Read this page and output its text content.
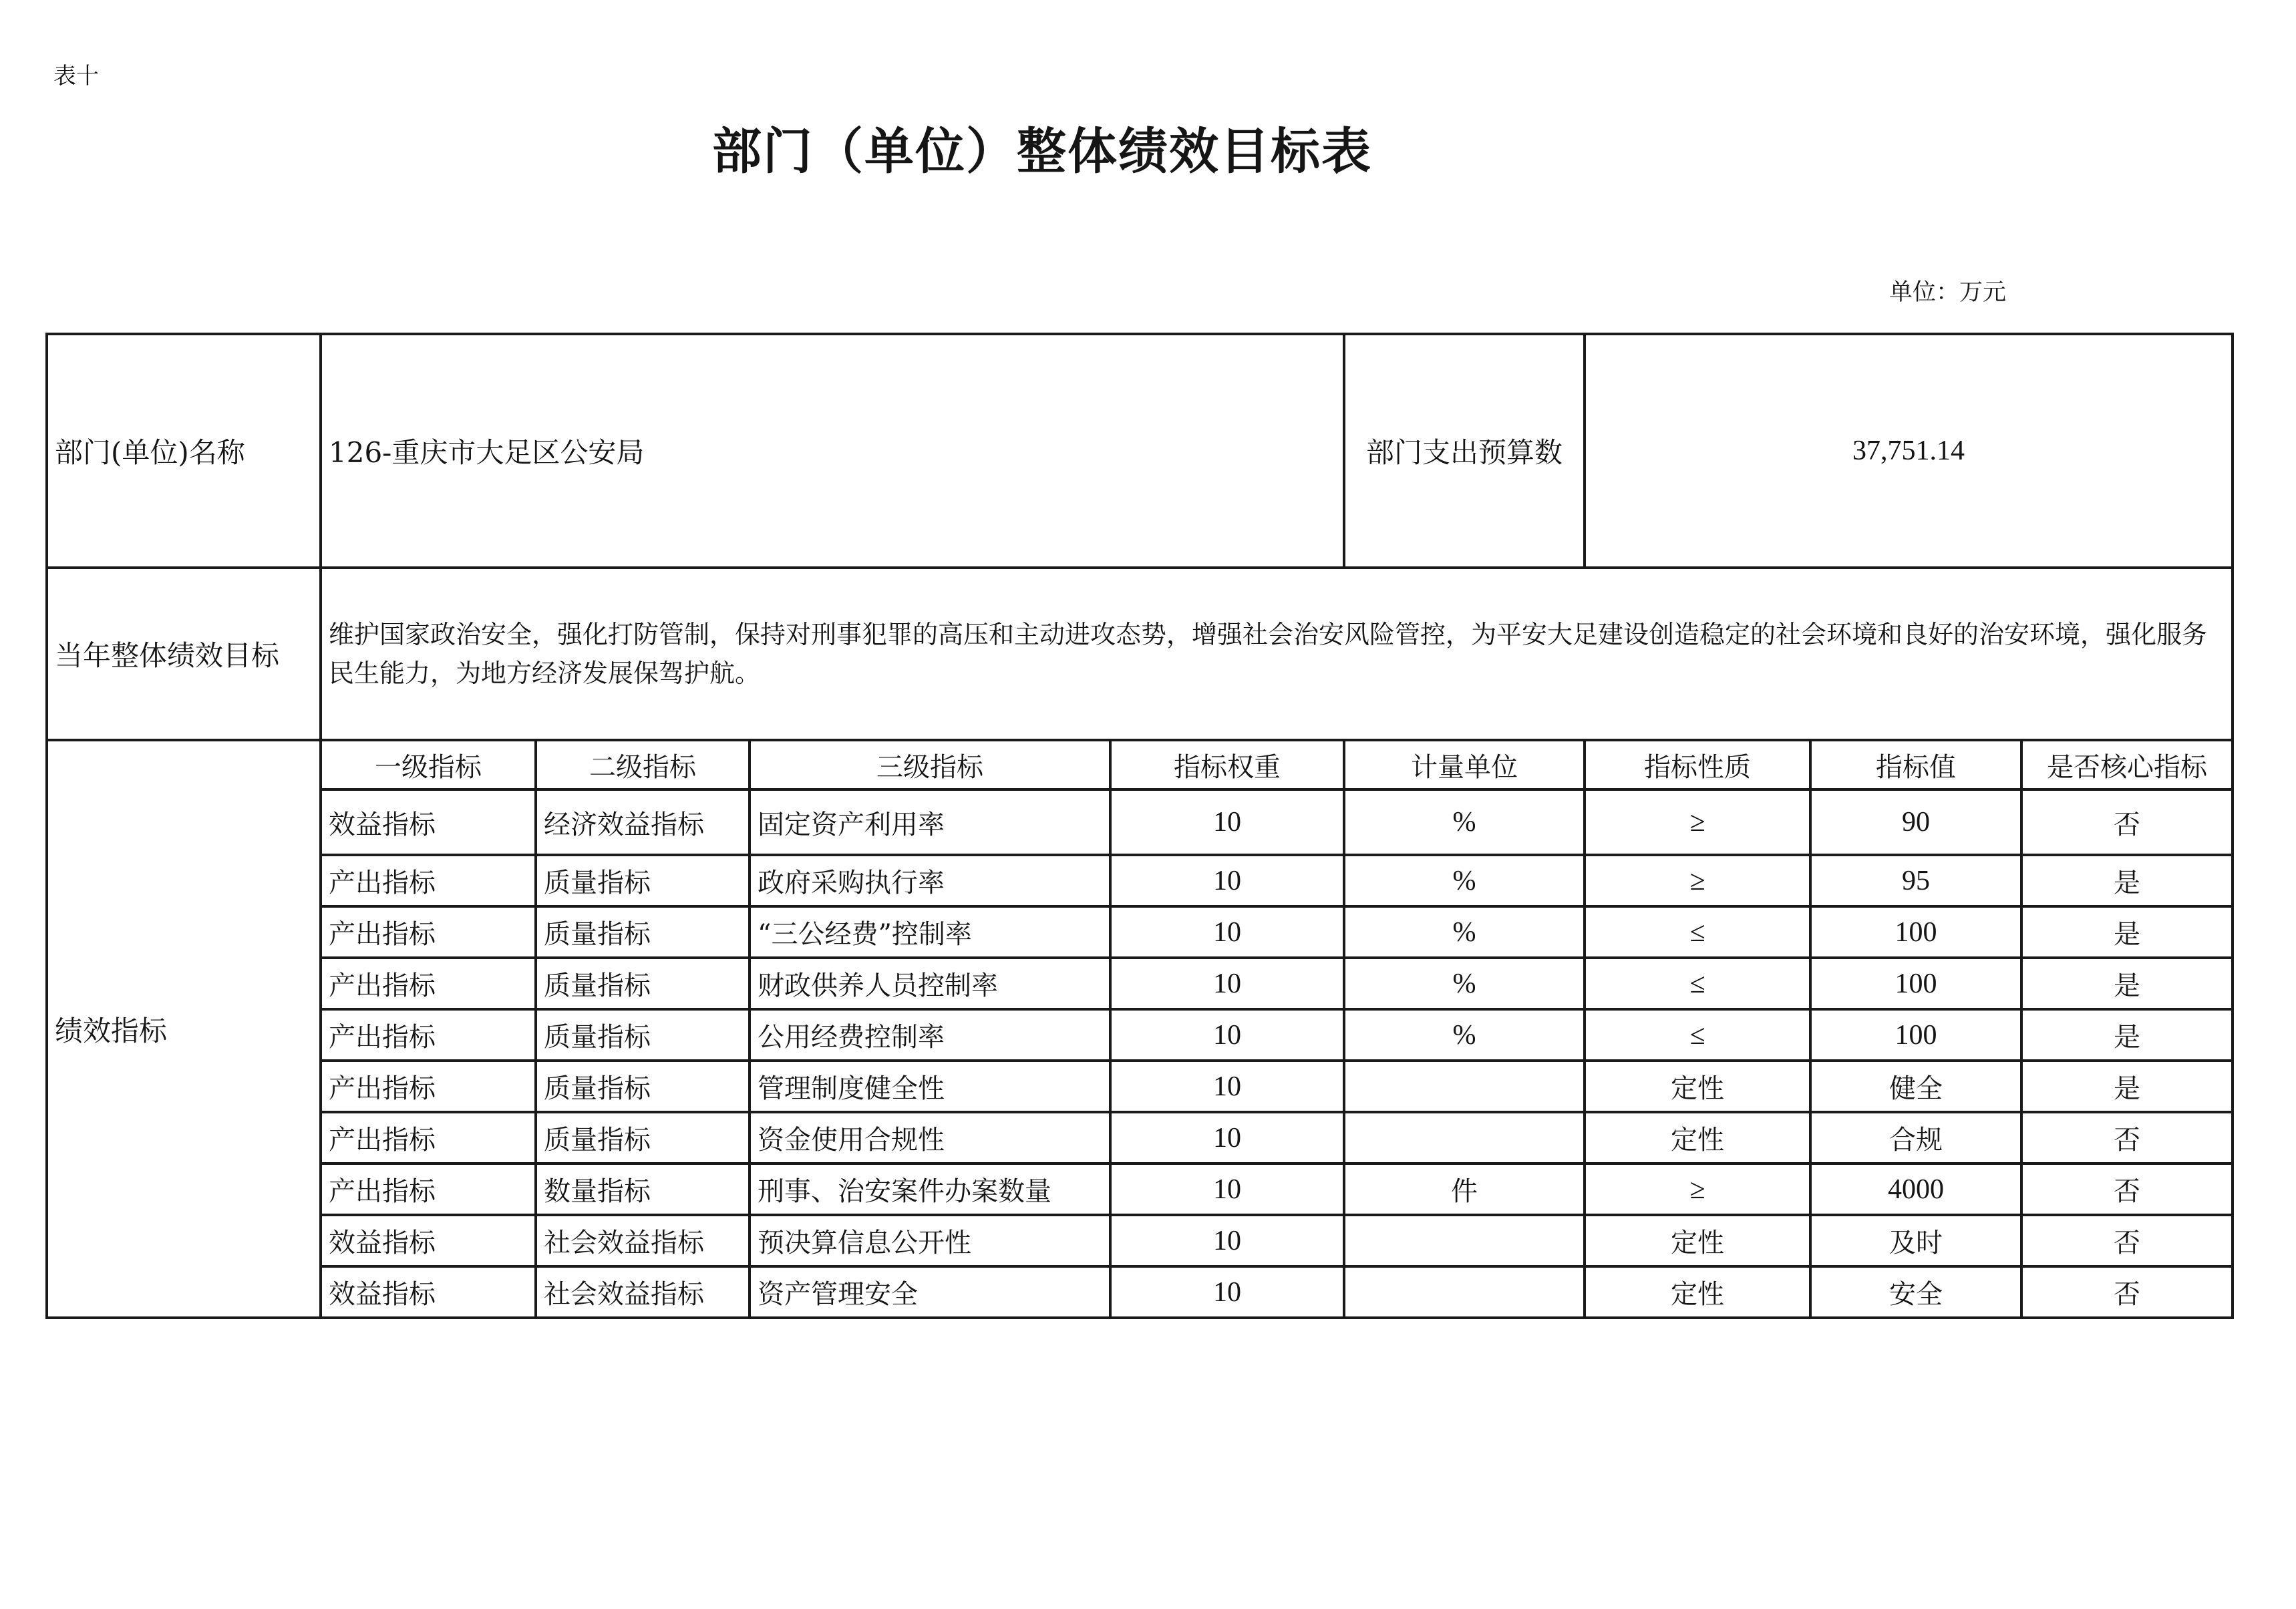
表十
部门（单位）整体绩效目标表
单位：万元
部门(单位)名称	126-重庆市大足区公安局				部门支出预算数	37,751.14		
当年整体绩效目标	维护国家政治安全，强化打防管制，保持对刑事犯罪的高压和主动进攻态势，增强社会治安风险管控，为平安大足建设创造稳定的社会环境和良好的治安环境，强化服务民生能力，为地方经济发展保驾护航。							
绩效指标	一级指标	二级指标	三级指标	指标权重	计量单位	指标性质	指标值	是否核心指标
	效益指标	经济效益指标	固定资产利用率	10	%	≥	90	否
	产出指标	质量指标	政府采购执行率	10	%	≥	95	是
	产出指标	质量指标	“三公经费”控制率	10	%	≤	100	是
	产出指标	质量指标	财政供养人员控制率	10	%	≤	100	是
	产出指标	质量指标	公用经费控制率	10	%	≤	100	是
	产出指标	质量指标	管理制度健全性	10		定性	健全	是
	产出指标	质量指标	资金使用合规性	10		定性	合规	否
	产出指标	数量指标	刑事、治安案件办案数量	10	件	≥	4000	否
	效益指标	社会效益指标	预决算信息公开性	10		定性	及时	否
	效益指标	社会效益指标	资产管理安全	10		定性	安全	否
